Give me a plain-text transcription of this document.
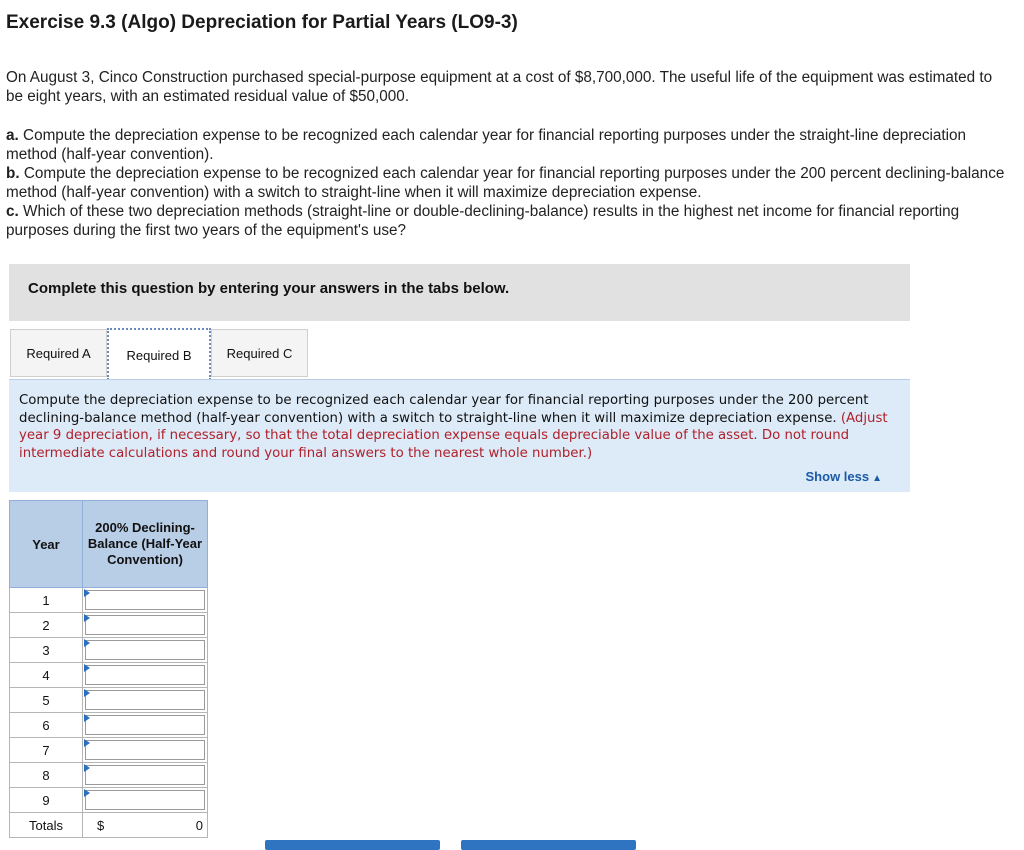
Exercise 9.3 (Algo) Depreciation for Partial Years (LO9-3)

On August 3, Cinco Construction purchased special-purpose equipment at a cost of $8,700,000. The useful life of the equipment was estimated to be eight years, with an estimated residual value of $50,000.

a. Compute the depreciation expense to be recognized each calendar year for financial reporting purposes under the straight-line depreciation method (half-year convention).

b. Compute the depreciation expense to be recognized each calendar year for financial reporting purposes under the 200 percent declining-balance method (half-year convention) with a switch to straight-line when it will maximize depreciation expense.

c. Which of these two depreciation methods (straight-line or double-declining-balance) results in the highest net income for financial reporting purposes during the first two years of the equipment's use?

Complete this question by entering your answers in the tabs below.
Required A	Required B	Required C

Compute the depreciation expense to be recognized each calendar year for financial reporting purposes under the 200 percent declining-balance method (half-year convention) with a switch to straight-line when it will maximize depreciation expense. (Adjust year 9 depreciation, if necessary, so that the total depreciation expense equals depreciable value of the asset. Do not round intermediate calculations and round your final answers to the nearest whole number.)

Show less ▲
Year	200% Declining-Balance (Half-Year Convention)
1	

2	

3	

4	

5	

6	

7	

8	

9	

Totals	$ 0
